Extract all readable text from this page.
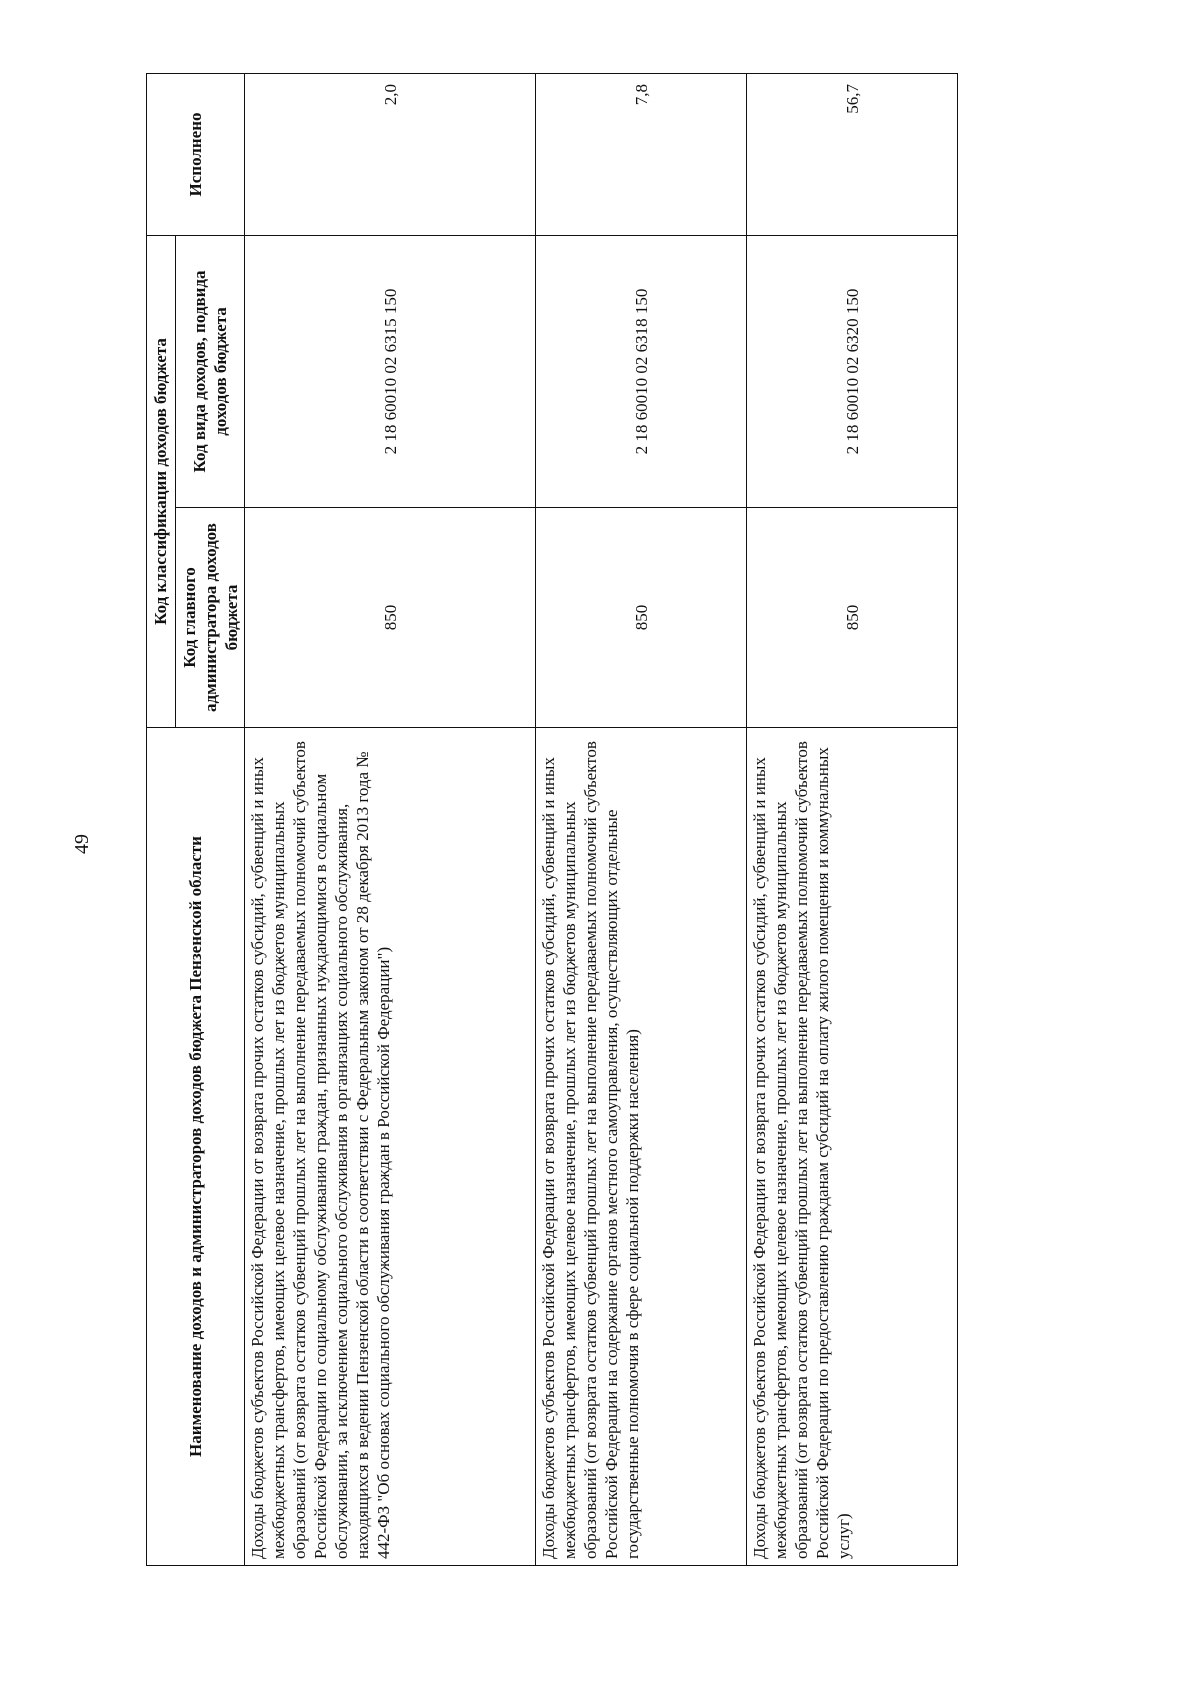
49	Наименование доходов и администраторов доходов бюджета Пензенской области	Код классификации доходов бюджета		Исполнено
	Код главного администратора доходов бюджета	Код вида доходов, подвида доходов бюджета	
Доходы бюджетов субъектов Российской Федерации от возврата прочих остатков субсидий, субвенций и иных межбюджетных трансфертов, имеющих целевое назначение, прошлых лет из бюджетов муниципальных образований (от возврата остатков субвенций прошлых лет на выполнение передаваемых полномочий субъектов Российской Федерации по социальному обслуживанию граждан, признанных нуждающимися в социальном обслуживании, за исключением социального обслуживания в организациях социального обслуживания, находящихся в ведении Пензенской области в соответствии с Федеральным законом от 28 декабря 2013 года № 442-ФЗ "Об основах социального обслуживания граждан в Российской Федерации")	850	2 18 60010 02 6315 150	2,0
Доходы бюджетов субъектов Российской Федерации от возврата прочих остатков субсидий, субвенций и иных межбюджетных трансфертов, имеющих целевое назначение, прошлых лет из бюджетов муниципальных образований (от возврата остатков субвенций прошлых лет на выполнение передаваемых полномочий субъектов Российской Федерации на содержание органов местного самоуправления, осуществляющих отдельные государственные полномочия в сфере социальной поддержки населения)	850	2 18 60010 02 6318 150	7,8
Доходы бюджетов субъектов Российской Федерации от возврата прочих остатков субсидий, субвенций и иных межбюджетных трансфертов, имеющих целевое назначение, прошлых лет из бюджетов муниципальных образований (от возврата остатков субвенций прошлых лет на выполнение передаваемых полномочий субъектов Российской Федерации по предоставлению гражданам субсидий на оплату жилого помещения и коммунальных услуг)	850	2 18 60010 02 6320 150	56,7
